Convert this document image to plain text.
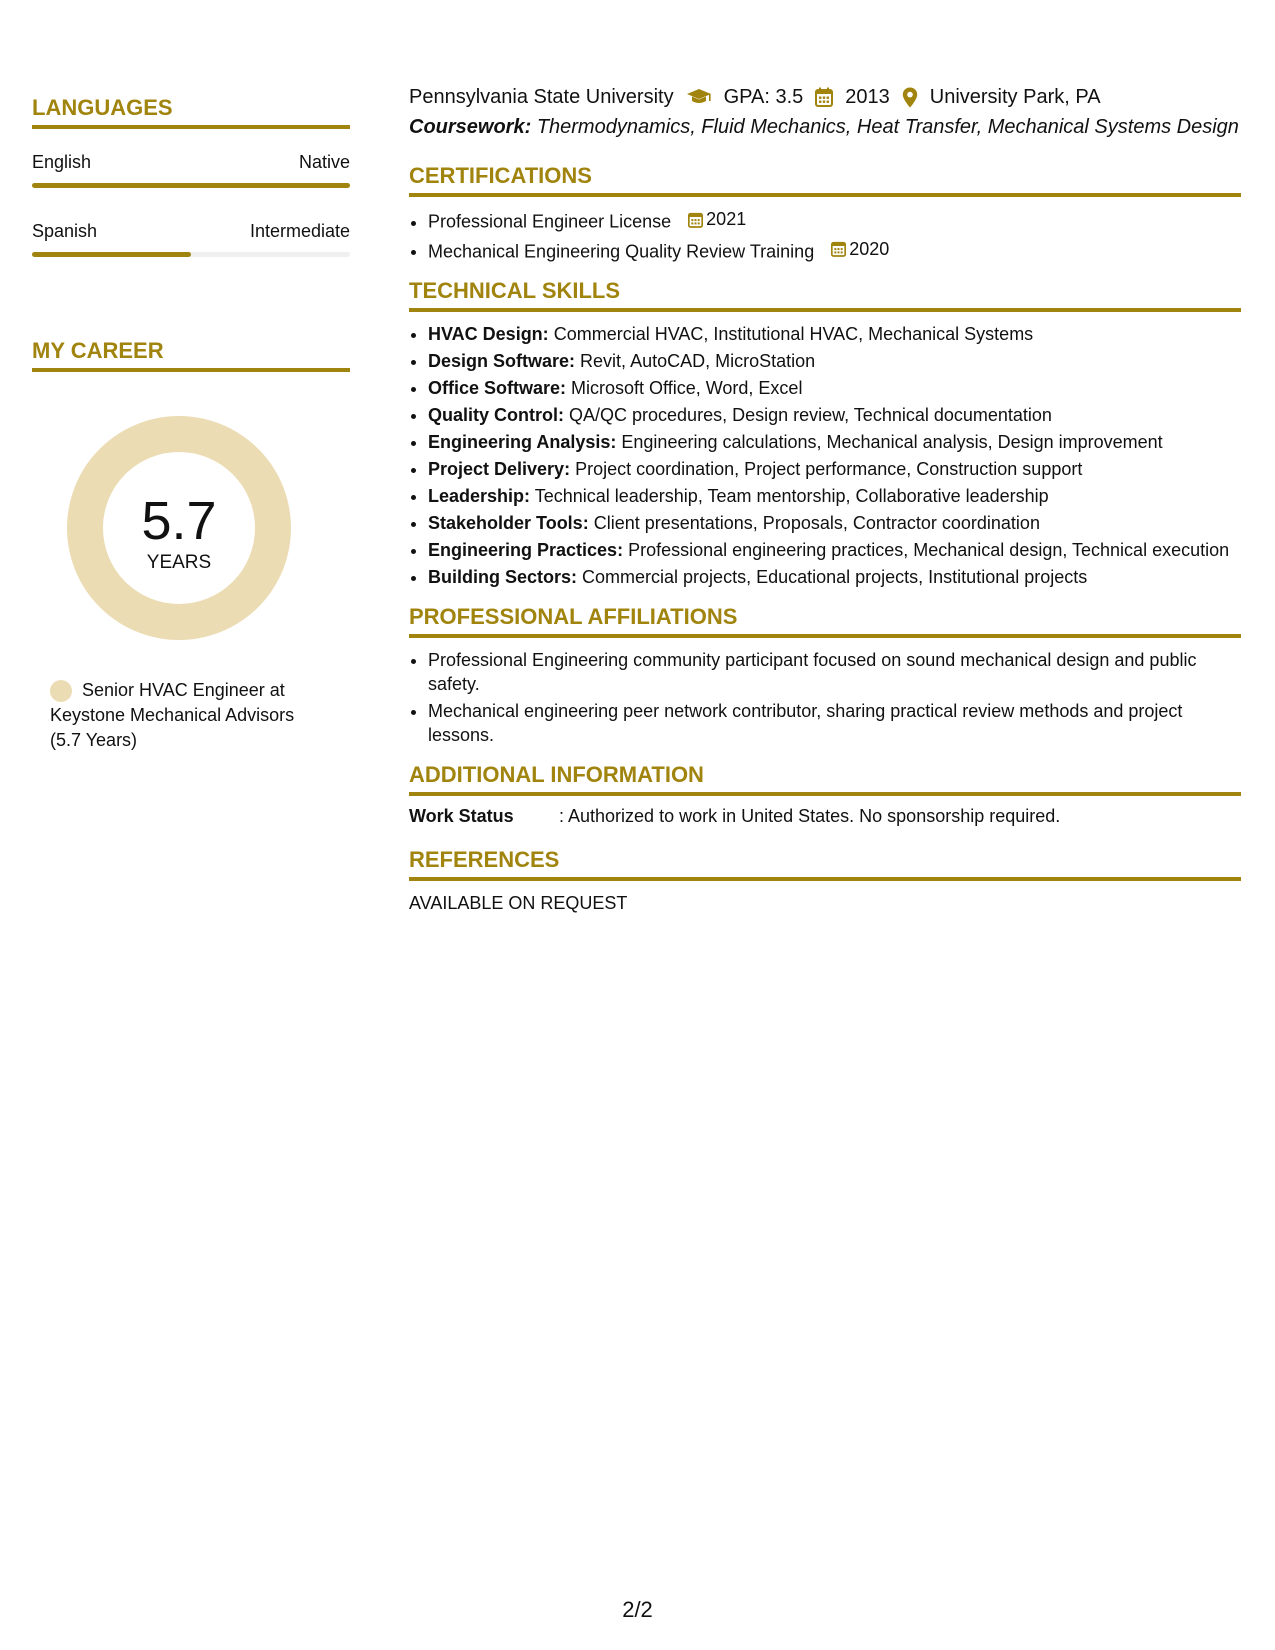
LANGUAGES
English	Native
Spanish	Intermediate
MY CAREER
5.7
YEARS
Senior HVAC Engineer at
Keystone Mechanical Advisors
(5.7 Years)
Pennsylvania State University	GPA: 3.5 2013 University Park, PA
Coursework: Thermodynamics, Fluid Mechanics, Heat Transfer, Mechanical Systems Design
CERTIFICATIONS
• Professional Engineer License 2021
• Mechanical Engineering Quality Review Training 2020
TECHNICAL SKILLS
• HVAC Design: Commercial HVAC, Institutional HVAC, Mechanical Systems
• Design Software: Revit, AutoCAD, MicroStation
• Office Software: Microsoft Office, Word, Excel
• Quality Control: QA/QC procedures, Design review, Technical documentation
• Engineering Analysis: Engineering calculations, Mechanical analysis, Design improvement
• Project Delivery: Project coordination, Project performance, Construction support
• Leadership: Technical leadership, Team mentorship, Collaborative leadership
• Stakeholder Tools: Client presentations, Proposals, Contractor coordination
• Engineering Practices: Professional engineering practices, Mechanical design, Technical execution
• Building Sectors: Commercial projects, Educational projects, Institutional projects
PROFESSIONAL AFFILIATIONS
• Professional Engineering community participant focused on sound mechanical design and public safety.
• Mechanical engineering peer network contributor, sharing practical review methods and project lessons.
ADDITIONAL INFORMATION
Work Status	: Authorized to work in United States. No sponsorship required.
REFERENCES
AVAILABLE ON REQUEST
2/2
